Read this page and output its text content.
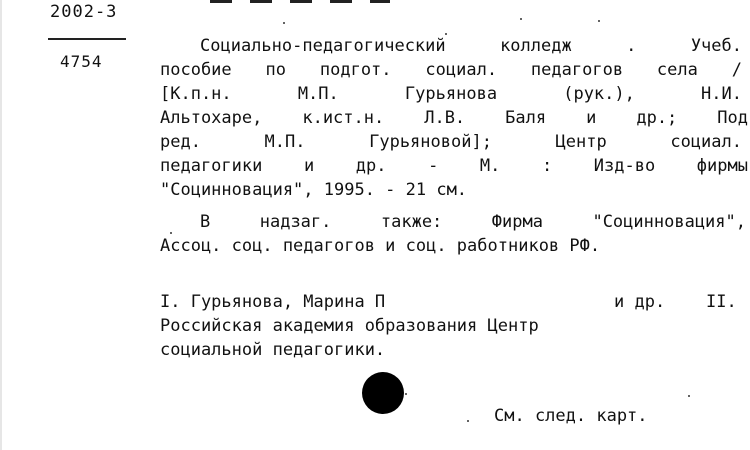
2002-3
4754
Социально-педагогический колледж . Учеб.
пособие по подгот. социал. педагогов села /
[К.п.н. М.П. Гурьянова (рук.), Н.И.
Альтохаре, к.ист.н. Л.В. Баля и др.; Под
ред. М.П. Гурьяновой]; Центр социал.
педагогики и др. - М. : Изд-во фирмы
"Социнновация", 1995. - 21 см.
В надзаг. также: Фирма "Социнновация",
Ассоц. соц. педагогов и соц. работников РФ.
I. Гурьянова, Марина П	и др. II.
Российская академия образования Центр
социальной педагогики.
См. след. карт.
